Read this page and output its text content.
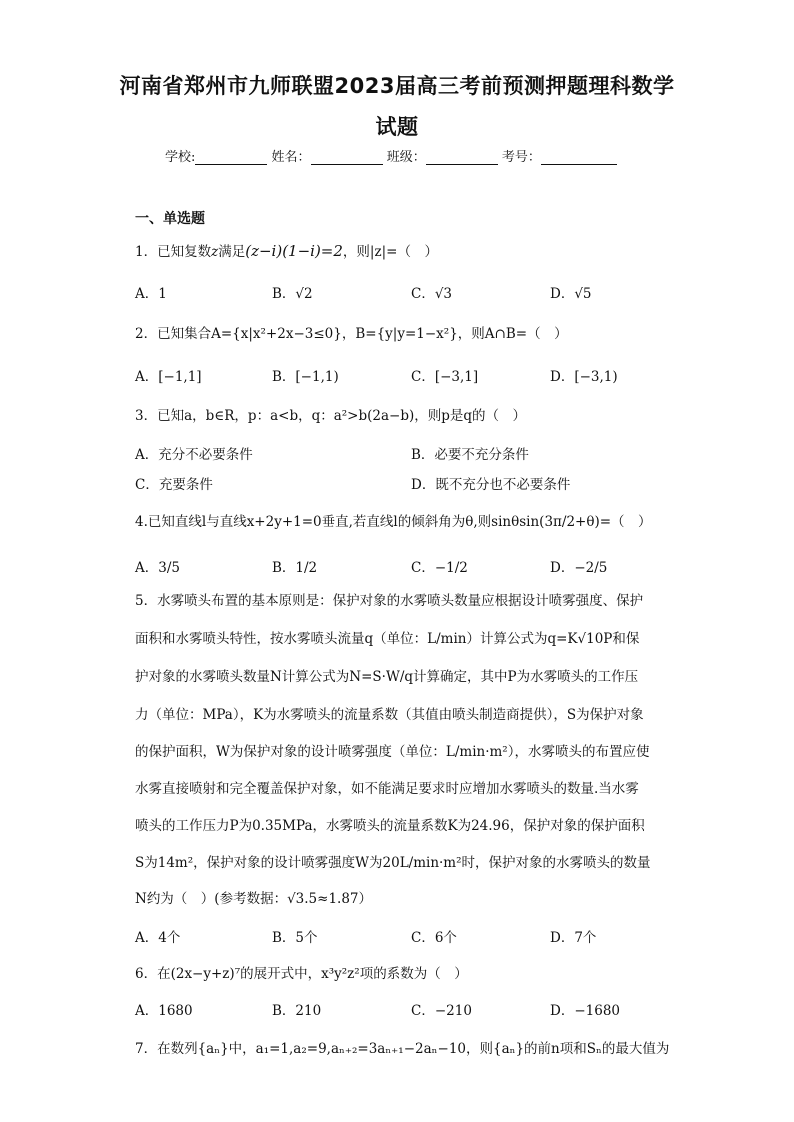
河南省郑州市九师联盟2023届高三考前预测押题理科数学
试题
学校:	姓名：	班级：	考号：
一、单选题
1．已知复数z满足(z−i)(1−i)=2，则|z|=（　）
A．1	B．√2	C．√3	D．√5
2．已知集合A={x|x²+2x−3≤0}，B={y|y=1−x²}，则A∩B=（　）
A．[−1,1]	B．[−1,1)	C．[−3,1]	D．[−3,1)
3．已知a，b∈R，p：a<b，q：a²>b(2a−b)，则p是q的（　）
A．充分不必要条件	B．必要不充分条件
C．充要条件	D．既不充分也不必要条件
4.已知直线l与直线x+2y+1=0垂直,若直线l的倾斜角为θ,则sinθsin(3π/2+θ)=（　）
A．3/5	B．1/2	C．−1/2	D．−2/5
5．水雾喷头布置的基本原则是：保护对象的水雾喷头数量应根据设计喷雾强度、保护
面积和水雾喷头特性，按水雾喷头流量q（单位：L/min）计算公式为q=K√10P和保
护对象的水雾喷头数量N计算公式为N=S·W/q计算确定，其中P为水雾喷头的工作压
力（单位：MPa），K为水雾喷头的流量系数（其值由喷头制造商提供），S为保护对象
的保护面积，W为保护对象的设计喷雾强度（单位：L/min·m²），水雾喷头的布置应使
水雾直接喷射和完全覆盖保护对象，如不能满足要求时应增加水雾喷头的数量.当水雾
喷头的工作压力P为0.35MPa，水雾喷头的流量系数K为24.96，保护对象的保护面积
S为14m²，保护对象的设计喷雾强度W为20L/min·m²时，保护对象的水雾喷头的数量
N约为（　）(参考数据：√3.5≈1.87）
A．4个	B．5个	C．6个	D．7个
6．在(2x−y+z)⁷的展开式中，x³y²z²项的系数为（　）
A．1680	B．210	C．−210	D．−1680
7．在数列{aₙ}中，a₁=1,a₂=9,aₙ₊₂=3aₙ₊₁−2aₙ−10，则{aₙ}的前n项和Sₙ的最大值为
